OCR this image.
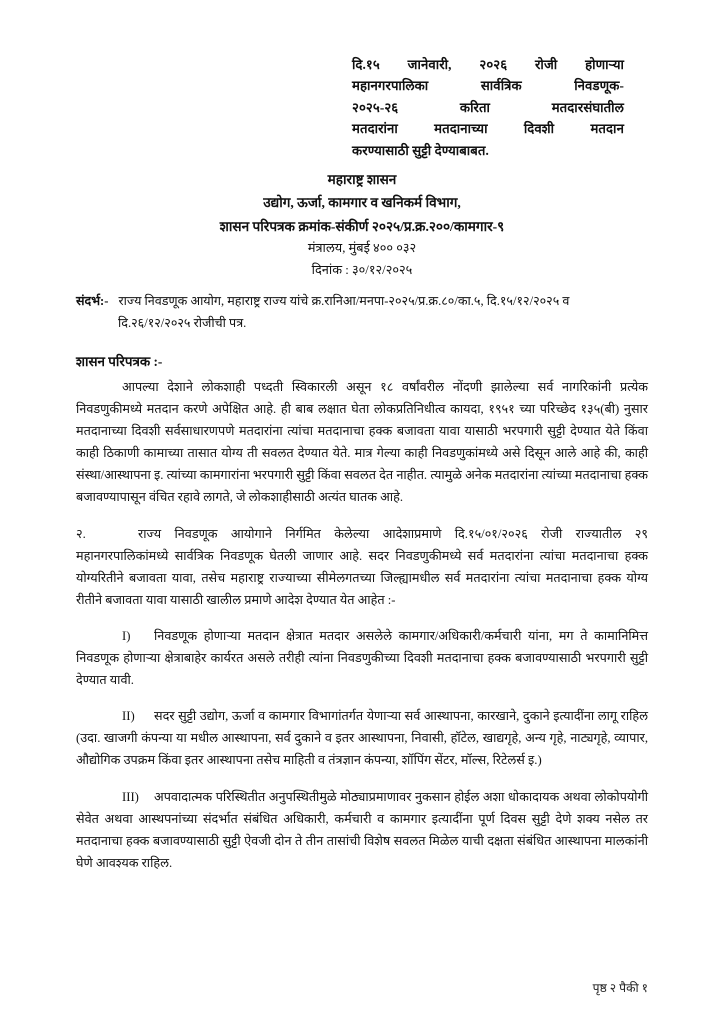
दि.१५ जानेवारी, २०२६ रोजी होणाऱ्या
महानगरपालिका सार्वत्रिक निवडणूक-
२०२५-२६ करिता मतदारसंघातील
मतदारांना मतदानाच्या दिवशी मतदान
करण्यासाठी सुट्टी देण्याबाबत.
महाराष्ट्र शासन
उद्योग, ऊर्जा, कामगार व खनिकर्म विभाग,
शासन परिपत्रक क्रमांक-संकीर्ण २०२५/प्र.क्र.२००/कामगार-९
मंत्रालय, मुंबई ४०० ०३२
दिनांक : ३०/१२/२०२५
संदर्भ:- राज्य निवडणूक आयोग, महाराष्ट्र राज्य यांचे क्र.रानिआ/मनपा-२०२५/प्र.क्र.८०/का.५, दि.१५/१२/२०२५ व
दि.२६/१२/२०२५ रोजीची पत्र.
शासन परिपत्रक :-

आपल्या देशाने लोकशाही पध्दती स्विकारली असून १८ वर्षांवरील नोंदणी झालेल्या सर्व नागरिकांनी प्रत्येक निवडणुकीमध्ये मतदान करणे अपेक्षित आहे. ही बाब लक्षात घेता लोकप्रतिनिधीत्व कायदा, १९५१ च्या परिच्छेद १३५(बी) नुसार मतदानाच्या दिवशी सर्वसाधारणपणे मतदारांना त्यांचा मतदानाचा हक्क बजावता यावा यासाठी भरपगारी सुट्टी देण्यात येते किंवा काही ठिकाणी कामाच्या तासात योग्य ती सवलत देण्यात येते. मात्र गेल्या काही निवडणुकांमध्ये असे दिसून आले आहे की, काही संस्था/आस्थापना इ. त्यांच्या कामगारांना भरपगारी सुट्टी किंवा सवलत देत नाहीत. त्यामुळे अनेक मतदारांना त्यांच्या मतदानाचा हक्क बजावण्यापासून वंचित रहावे लागते, जे लोकशाहीसाठी अत्यंत घातक आहे.

२.	राज्य निवडणूक आयोगाने निर्गमित केलेल्या आदेशाप्रमाणे दि.१५/०१/२०२६ रोजी राज्यातील २९ महानगरपालिकांमध्ये सार्वत्रिक निवडणूक घेतली जाणार आहे. सदर निवडणुकीमध्ये सर्व मतदारांना त्यांचा मतदानाचा हक्क योग्यरितीने बजावता यावा, तसेच महाराष्ट्र राज्याच्या सीमेलगतच्या जिल्ह्यामधील सर्व मतदारांना त्यांचा मतदानाचा हक्क योग्य रीतीने बजावता यावा यासाठी खालील प्रमाणे आदेश देण्यात येत आहेत :-

I) निवडणूक होणाऱ्या मतदान क्षेत्रात मतदार असलेले कामगार/अधिकारी/कर्मचारी यांना, मग ते कामानिमित्त निवडणूक होणाऱ्या क्षेत्राबाहेर कार्यरत असले तरीही त्यांना निवडणुकीच्या दिवशी मतदानाचा हक्क बजावण्यासाठी भरपगारी सुट्टी देण्यात यावी.

II) सदर सुट्टी उद्योग, ऊर्जा व कामगार विभागांतर्गत येणाऱ्या सर्व आस्थापना, कारखाने, दुकाने इत्यादींना लागू राहिल (उदा. खाजगी कंपन्या या मधील आस्थापना, सर्व दुकाने व इतर आस्थापना, निवासी, हॉटेल, खाद्यगृहे, अन्य गृहे, नाट्यगृहे, व्यापार, औद्योगिक उपक्रम किंवा इतर आस्थापना तसेच माहिती व तंत्रज्ञान कंपन्या, शॉपिंग सेंटर, मॉल्स, रिटेलर्स इ.)

III) अपवादात्मक परिस्थितीत अनुपस्थितीमुळे मोठ्याप्रमाणावर नुकसान होईल अशा धोकादायक अथवा लोकोपयोगी सेवेत अथवा आस्थपनांच्या संदर्भात संबंधित अधिकारी, कर्मचारी व कामगार इत्यादींना पूर्ण दिवस सुट्टी देणे शक्य नसेल तर मतदानाचा हक्क बजावण्यासाठी सुट्टी ऐवजी दोन ते तीन तासांची विशेष सवलत मिळेल याची दक्षता संबंधित आस्थापना मालकांनी घेणे आवश्यक राहिल.

पृष्ठ २ पैकी १
